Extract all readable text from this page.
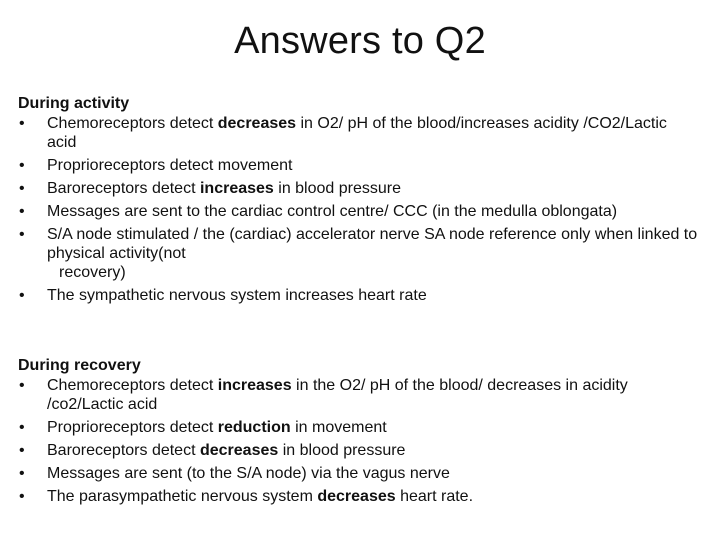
Answers to Q2
During activity
• Chemoreceptors detect decreases in O2/ pH of the blood/increases acidity /CO2/Lactic acid
• Proprioreceptors detect movement
• Baroreceptors detect increases in blood pressure
• Messages are sent to the cardiac control centre/ CCC (in the medulla oblongata)
• S/A node stimulated / the (cardiac) accelerator nerve SA node reference only when linked to physical activity(not
recovery)
• The sympathetic nervous system increases heart rate
During recovery
• Chemoreceptors detect increases in the O2/ pH of the blood/ decreases in acidity /co2/Lactic acid
• Proprioreceptors detect reduction in movement
• Baroreceptors detect decreases in blood pressure
• Messages are sent (to the S/A node) via the vagus nerve
• The parasympathetic nervous system decreases heart rate.
